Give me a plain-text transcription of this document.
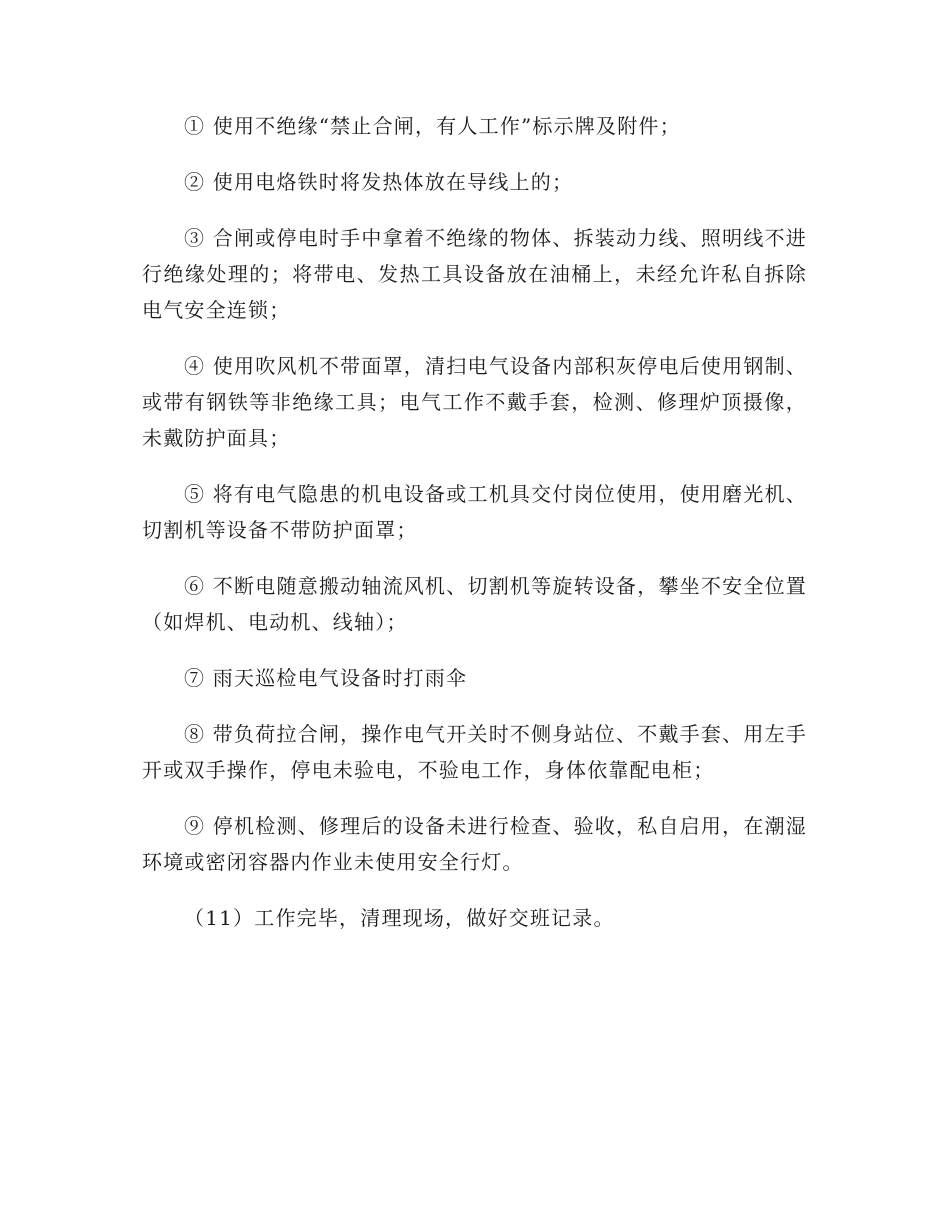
① 使用不绝缘“禁止合闸，有人工作”标示牌及附件；

② 使用电烙铁时将发热体放在导线上的；

③ 合闸或停电时手中拿着不绝缘的物体、拆装动力线、照明线不进行绝缘处理的；将带电、发热工具设备放在油桶上，未经允许私自拆除电气安全连锁；

④ 使用吹风机不带面罩，清扫电气设备内部积灰停电后使用钢制、或带有钢铁等非绝缘工具；电气工作不戴手套，检测、修理炉顶摄像，未戴防护面具；

⑤ 将有电气隐患的机电设备或工机具交付岗位使用，使用磨光机、切割机等设备不带防护面罩；

⑥ 不断电随意搬动轴流风机、切割机等旋转设备，攀坐不安全位置（如焊机、电动机、线轴）；

⑦ 雨天巡检电气设备时打雨伞

⑧ 带负荷拉合闸，操作电气开关时不侧身站位、不戴手套、用左手开或双手操作，停电未验电，不验电工作，身体依靠配电柜；

⑨ 停机检测、修理后的设备未进行检查、验收，私自启用，在潮湿环境或密闭容器内作业未使用安全行灯。

（11）工作完毕，清理现场，做好交班记录。
